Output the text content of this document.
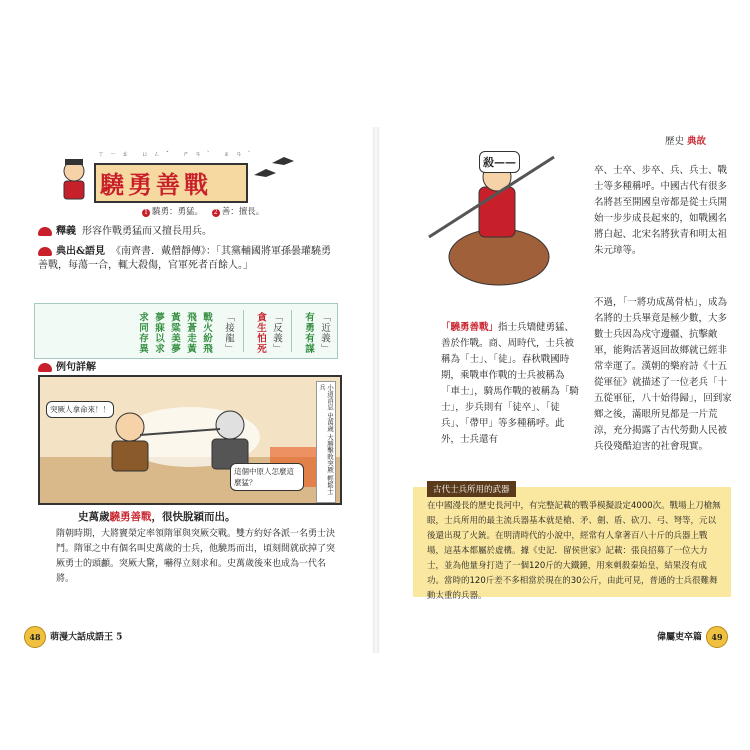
ㄒㄧㄠ ㄩㄥˇ ㄕㄢˋ ㄓㄢˋ
驍勇善戰
1 驍勇：勇猛。 2 善：擅長。
釋義 形容作戰勇猛而又擅長用兵。
典出&語見 《南齊書．戴僧靜傳》：「其黨輔國將軍孫曇瓘驍勇善戰，每蕩一合，輒大殺傷，官軍死者百餘人。」
「近義」
有勇有謀
「反義」
貪生怕死
「接龍」
戰火紛飛
飛蒼走黃
黃粱美夢
夢寐以求
求同存異
例句詳解
突厥人拿命來！！
這個中原人怎麼這麼猛？	小道消息 史萬歲 大勝擊敗突厥 輕鬆士兵
史萬歲驍勇善戰，很快脫穎而出。
隋朝時期，大將竇榮定率領隋軍與突厥交戰。雙方約好各派一名勇士決鬥。隋軍之中有個名叫史萬歲的士兵，他驍馬而出，頃刻間就砍掉了突厥勇士的頭顱。突厥大驚，嚇得立刻求和。史萬歲後來也成為一代名將。
48 萌漫大話成語王 5
歷史 典故
殺——
卒、士卒、步卒、兵、兵士、戰士等多種稱呼。中國古代有很多名將甚至開國皇帝都是從士兵開始一步步成長起來的，如戰國名將白起、北宋名將狄青和明太祖朱元璋等。
不過，「一將功成萬骨枯」，成為名將的士兵畢竟是極少數，大多數士兵因為戍守邊疆、抗擊敵軍，能夠活著返回故鄉就已經非常幸運了。漢朝的樂府詩《十五從軍征》就描述了一位老兵「十五從軍征，八十始得歸」，回到家鄉之後，滿眼所見都是一片荒涼，充分揭露了古代勞動人民被兵役殘酷迫害的社會現實。
「驍勇善戰」指士兵矯健勇猛、善於作戰。商、周時代，士兵被稱為「士」、「徒」。春秋戰國時期，乘戰車作戰的士兵被稱為「車士」，騎馬作戰的被稱為「騎士」，步兵則有「徒卒」、「徒兵」、「帶甲」等多種稱呼。此外，士兵還有
古代士兵所用的武器
在中國漫長的歷史長河中，有完整記載的戰爭模擬設定4000次。戰場上刀槍無眼，士兵所用的最主流兵器基本就是槍、矛、劍、盾、砍刀、弓、弩等，元以後還出現了火銃。在明清時代的小說中，經常有人拿著百八十斤的兵器上戰場，這基本都屬於虛構。據《史記．留侯世家》記載：張良招募了一位大力士，並為他量身打造了一個120斤的大鐵錘，用來刺殺秦始皇，結果沒有成功。當時的120斤差不多相當於現在的30公斤，由此可見，普通的士兵很難舞動太重的兵器。
偉屬吏卒篇 49
